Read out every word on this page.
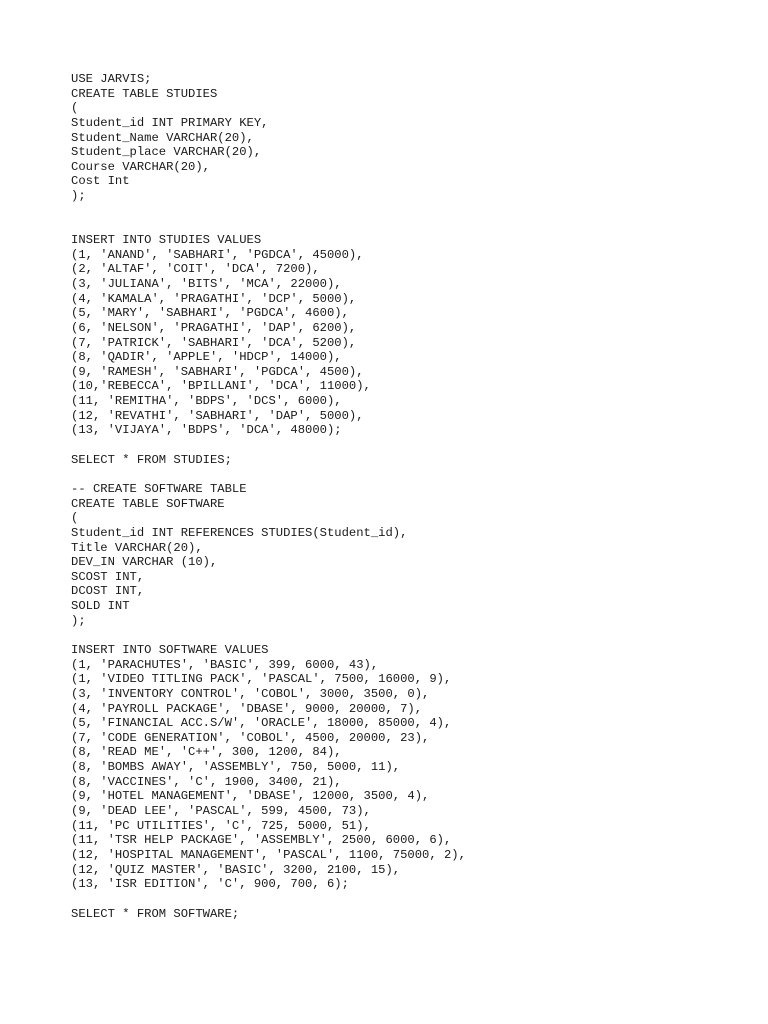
USE JARVIS;
CREATE TABLE STUDIES
(
Student_id INT PRIMARY KEY,
Student_Name VARCHAR(20),
Student_place VARCHAR(20),
Course VARCHAR(20),
Cost Int
);
INSERT INTO STUDIES VALUES
(1, 'ANAND', 'SABHARI', 'PGDCA', 45000),
(2, 'ALTAF', 'COIT', 'DCA', 7200),
(3, 'JULIANA', 'BITS', 'MCA', 22000),
(4, 'KAMALA', 'PRAGATHI', 'DCP', 5000),
(5, 'MARY', 'SABHARI', 'PGDCA', 4600),
(6, 'NELSON', 'PRAGATHI', 'DAP', 6200),
(7, 'PATRICK', 'SABHARI', 'DCA', 5200),
(8, 'QADIR', 'APPLE', 'HDCP', 14000),
(9, 'RAMESH', 'SABHARI', 'PGDCA', 4500),
(10,'REBECCA', 'BPILLANI', 'DCA', 11000),
(11, 'REMITHA', 'BDPS', 'DCS', 6000),
(12, 'REVATHI', 'SABHARI', 'DAP', 5000),
(13, 'VIJAYA', 'BDPS', 'DCA', 48000);
SELECT * FROM STUDIES;
-- CREATE SOFTWARE TABLE
CREATE TABLE SOFTWARE
(
Student_id INT REFERENCES STUDIES(Student_id),
Title VARCHAR(20),
DEV_IN VARCHAR (10),
SCOST INT,
DCOST INT,
SOLD INT
);
INSERT INTO SOFTWARE VALUES
(1, 'PARACHUTES', 'BASIC', 399, 6000, 43),
(1, 'VIDEO TITLING PACK', 'PASCAL', 7500, 16000, 9),
(3, 'INVENTORY CONTROL', 'COBOL', 3000, 3500, 0),
(4, 'PAYROLL PACKAGE', 'DBASE', 9000, 20000, 7),
(5, 'FINANCIAL ACC.S/W', 'ORACLE', 18000, 85000, 4),
(7, 'CODE GENERATION', 'COBOL', 4500, 20000, 23),
(8, 'READ ME', 'C++', 300, 1200, 84),
(8, 'BOMBS AWAY', 'ASSEMBLY', 750, 5000, 11),
(8, 'VACCINES', 'C', 1900, 3400, 21),
(9, 'HOTEL MANAGEMENT', 'DBASE', 12000, 3500, 4),
(9, 'DEAD LEE', 'PASCAL', 599, 4500, 73),
(11, 'PC UTILITIES', 'C', 725, 5000, 51),
(11, 'TSR HELP PACKAGE', 'ASSEMBLY', 2500, 6000, 6),
(12, 'HOSPITAL MANAGEMENT', 'PASCAL', 1100, 75000, 2),
(12, 'QUIZ MASTER', 'BASIC', 3200, 2100, 15),
(13, 'ISR EDITION', 'C', 900, 700, 6);
SELECT * FROM SOFTWARE;
